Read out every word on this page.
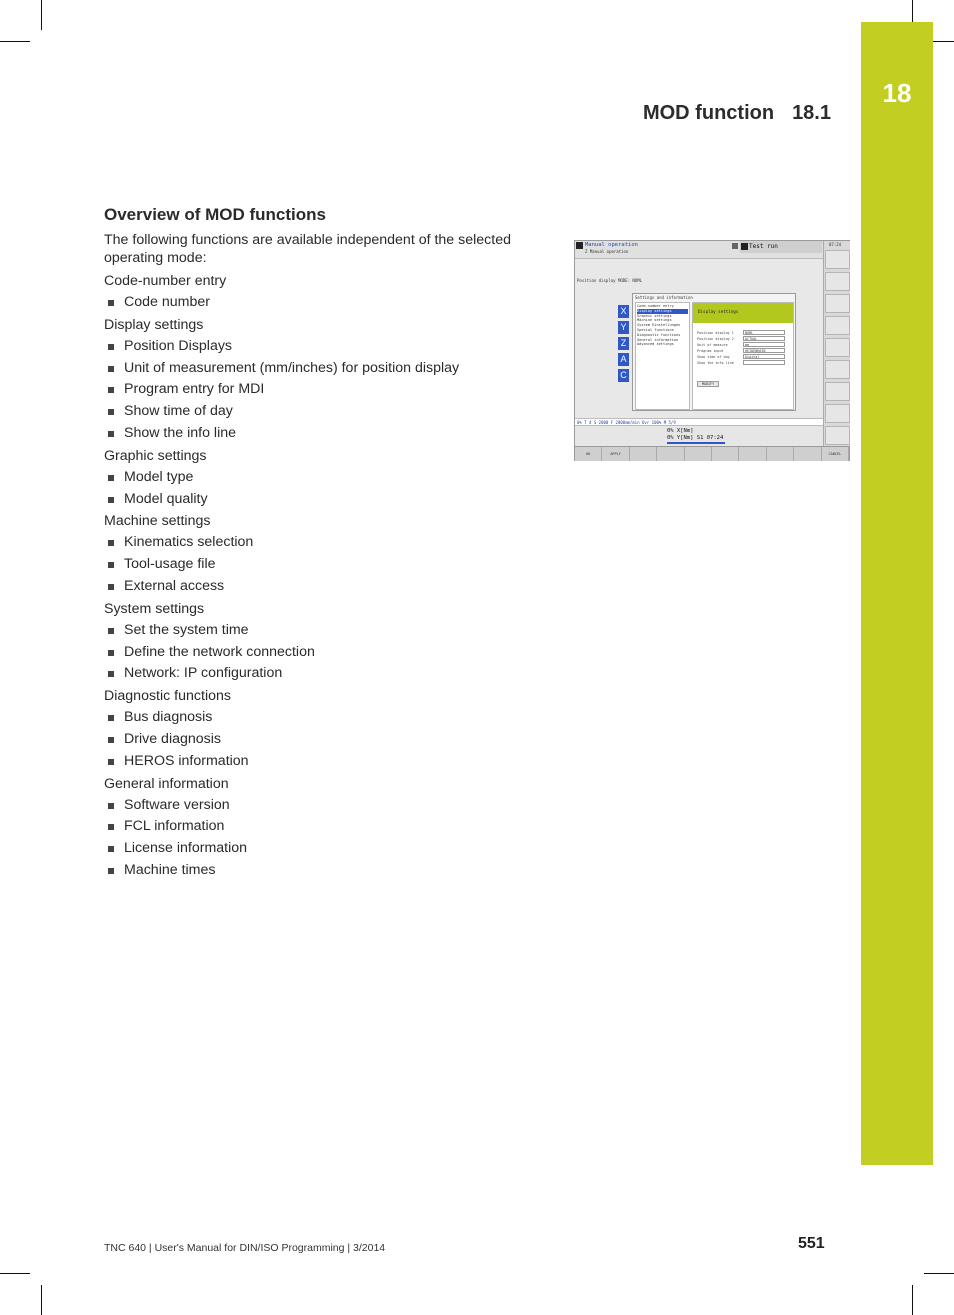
18
MOD function 18.1
Overview of MOD functions
The following functions are available independent of the selected operating mode:
Code-number entry
Code number
Display settings
Position Displays
Unit of measurement (mm/inches) for position display
Program entry for MDI
Show time of day
Show the info line
Graphic settings
Model type
Model quality
Machine settings
Kinematics selection
Tool-usage file
External access
System settings
Set the system time
Define the network connection
Network: IP configuration
Diagnostic functions
Bus diagnosis
Drive diagnosis
HEROS information
General information
Software version
FCL information
License information
Machine times
Manual operation
Z Manual operation
Test run
Position display MODE: NOML
X
Y
Z
A
C
Settings and information
Code-number entry
Display settings
Graphic settings
Machine settings
System Einstellungen
Special functions
Diagnostic functions
General information
Advanced settings
Display settings
Position display 1	NOML
Position display 2	ACTUAL
Unit of measure	mm
Program input	HEIDENHAIN
Show time of day	Digital
Show the info line
MODIFY
0% T 4 S 2000 F 2000mm/min Ovr 100% M 5/9
0% X[Nm]
0% Y[Nm] S1 07:24
07:24
OK	APPLY	CANCEL
TNC 640 | User's Manual for DIN/ISO Programming | 3/2014	551
